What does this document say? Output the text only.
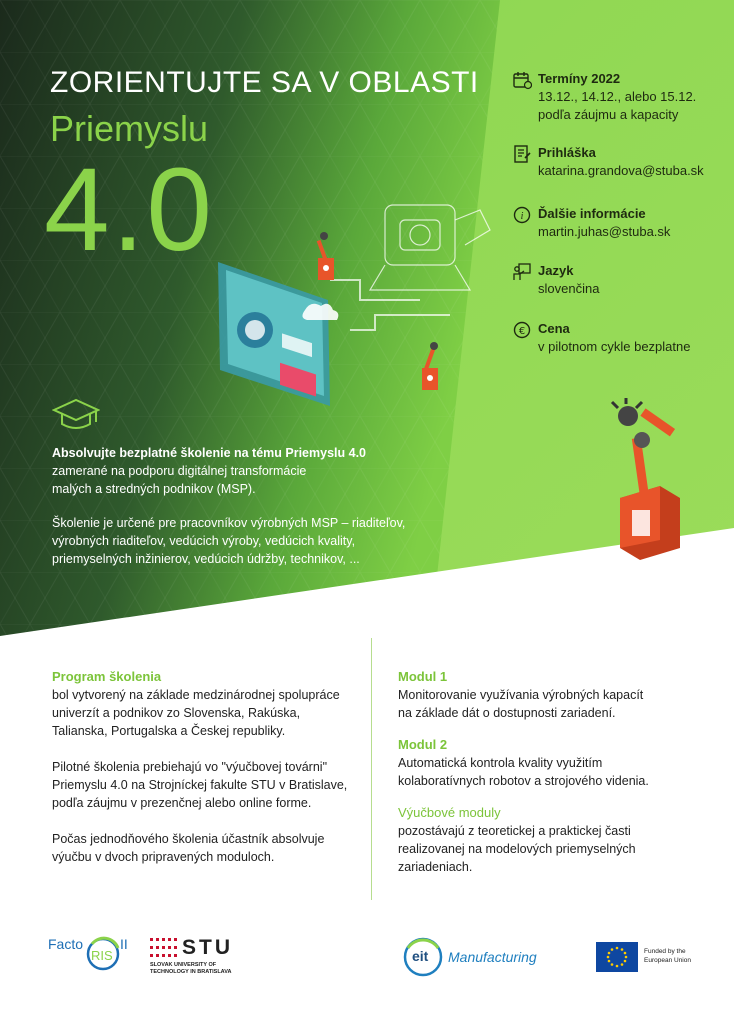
ZORIENTUJTE SA V OBLASTI
Priemyslu
4.0
Termíny 2022
13.12., 14.12., alebo 15.12.
podľa záujmu a kapacity
Prihláška
katarina.grandova@stuba.sk
i Ďalšie informácie
martin.juhas@stuba.sk
Jazyk
slovenčina
€ Cena
v pilotnom cykle bezplatne
Absolvujte bezplatné školenie na tému Priemyslu 4.0
zamerané na podporu digitálnej transformácie
malých a stredných podnikov (MSP).
Školenie je určené pre pracovníkov výrobných MSP – riaditeľov,
výrobných riaditeľov, vedúcich výroby, vedúcich kvality,
priemyselných inžinierov, vedúcich údržby, technikov, ...
Program školenia
bol vytvorený na základe medzinárodnej spolupráce
univerzít a podnikov zo Slovenska, Rakúska,
Talianska, Portugalska a Českej republiky.
Pilotné školenia prebiehajú vo "výučbovej továrni"
Priemyslu 4.0 na Strojníckej fakulte STU v Bratislave,
podľa záujmu v prezenčnej alebo online forme.
Počas jednodňového školenia účastník absolvuje
výučbu v dvoch pripravených moduloch.
Modul 1
Monitorovanie využívania výrobných kapacít
na základe dát o dostupnosti zariadení.
Modul 2
Automatická kontrola kvality využitím
kolaboratívnych robotov a strojového videnia.
Výučbové moduly
pozostávajú z teoretickej a praktickej časti
realizovanej na modelových priemyselných
zariadeniach.
Facto
RIS
II	STU
SLOVAK UNIVERSITY OF
TECHNOLOGY IN BRATISLAVA
eit Manufacturing	Funded by the
European Union
